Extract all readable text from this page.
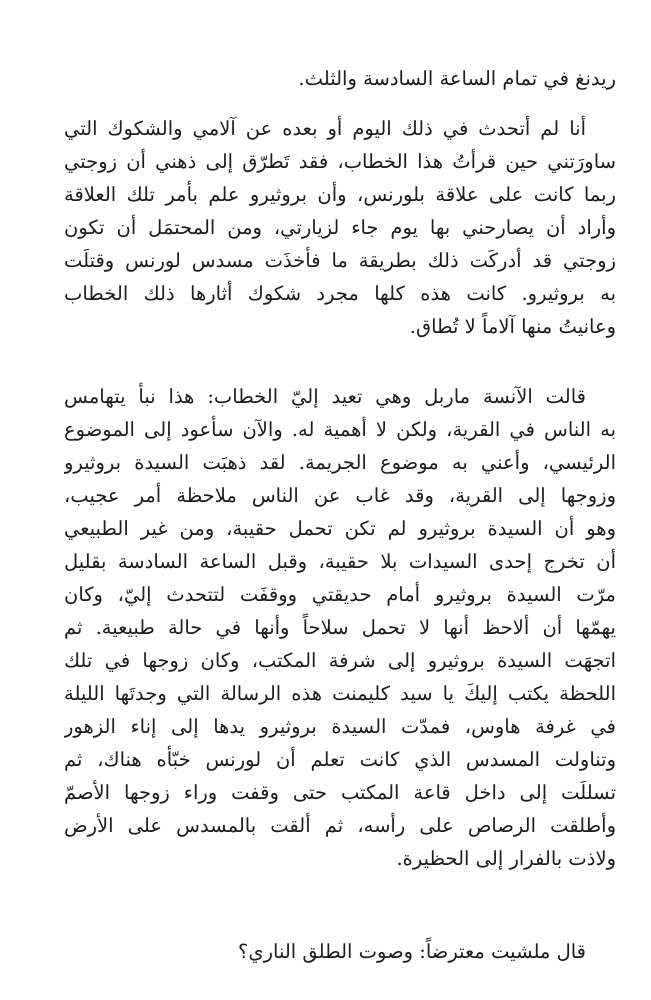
ريدنغ في تمام الساعة السادسة والثلث.
أنا لم أتحدث في ذلك اليوم أو بعده عن آلامي والشكوك التي
ساورَتني حين قرأتُ هذا الخطاب، فقد تَطرّق إلى ذهني أن زوجتي
ربما كانت على علاقة بلورنس، وأن بروثيرو علم بأمر تلك العلاقة
وأراد أن يصارحني بها يوم جاء لزيارتي، ومن المحتمَل أن تكون
زوجتي قد أدركَت ذلك بطريقة ما فأخذَت مسدس لورنس وقتلَت
به بروثيرو. كانت هذه كلها مجرد شكوك أثارها ذلك الخطاب
وعانيتُ منها آلاماً لا تُطاق.
قالت الآنسة ماربل وهي تعيد إليّ الخطاب: هذا نبأ يتهامس
به الناس في القرية، ولكن لا أهمية له. والآن سأعود إلى الموضوع
الرئيسي، وأعني به موضوع الجريمة. لقد ذهبَت السيدة بروثيرو
وزوجها إلى القرية، وقد غاب عن الناس ملاحظة أمر عجيب،
وهو أن السيدة بروثيرو لم تكن تحمل حقيبة، ومن غير الطبيعي
أن تخرج إحدى السيدات بلا حقيبة، وقبل الساعة السادسة بقليل
مرّت السيدة بروثيرو أمام حديقتي ووقفَت لتتحدث إليّ، وكان
يهمّها أن ألاحظ أنها لا تحمل سلاحاً وأنها في حالة طبيعية. ثم
اتجهَت السيدة بروثيرو إلى شرفة المكتب، وكان زوجها في تلك
اللحظة يكتب إليكَ يا سيد كليمنت هذه الرسالة التي وجدتَها الليلة
في غرفة هاوس، فمدّت السيدة بروثيرو يدها إلى إناء الزهور
وتناولت المسدس الذي كانت تعلم أن لورنس خبّأه هناك، ثم
تسللَت إلى داخل قاعة المكتب حتى وقفت وراء زوجها الأصمّ
وأطلقت الرصاص على رأسه، ثم ألقت بالمسدس على الأرض
ولاذت بالفرار إلى الحظيرة.
قال ملشيت معترضاً: وصوت الطلق الناري؟
